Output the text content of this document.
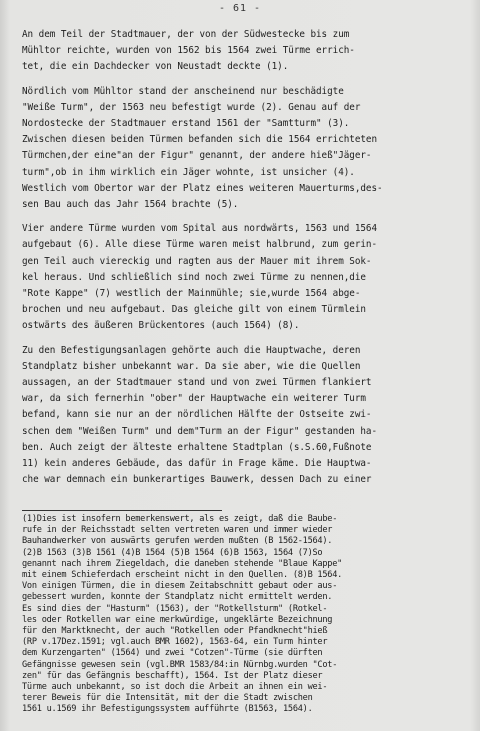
- 61 -
An dem Teil der Stadtmauer, der von der Südwestecke bis zum
Mühltor reichte, wurden von 1562 bis 1564 zwei Türme errich-
tet, die ein Dachdecker von Neustadt deckte (1).
Nördlich vom Mühltor stand der anscheinend nur beschädigte
"Weiße Turm", der 1563 neu befestigt wurde (2). Genau auf der
Nordostecke der Stadtmauer erstand 1561 der "Samtturm" (3).
Zwischen diesen beiden Türmen befanden sich die 1564 errichteten
Türmchen,der eine"an der Figur" genannt, der andere hieß"Jäger-
turm",ob in ihm wirklich ein Jäger wohnte, ist unsicher (4).
Westlich vom Obertor war der Platz eines weiteren Mauerturms,des-
sen Bau auch das Jahr 1564 brachte (5).
Vier andere Türme wurden vom Spital aus nordwärts, 1563 und 1564
aufgebaut (6). Alle diese Türme waren meist halbrund, zum gerin-
gen Teil auch viereckig und ragten aus der Mauer mit ihrem Sok-
kel heraus. Und schließlich sind noch zwei Türme zu nennen,die
"Rote Kappe" (7) westlich der Mainmühle; sie,wurde 1564 abge-
brochen und neu aufgebaut. Das gleiche gilt von einem Türmlein
ostwärts des äußeren Brückentores (auch 1564) (8).
Zu den Befestigungsanlagen gehörte auch die Hauptwache, deren
Standplatz bisher unbekannt war. Da sie aber, wie die Quellen
aussagen, an der Stadtmauer stand und von zwei Türmen flankiert
war, da sich fernerhin "ober" der Hauptwache ein weiterer Turm
befand, kann sie nur an der nördlichen Hälfte der Ostseite zwi-
schen dem "Weißen Turm" und dem"Turm an der Figur" gestanden ha-
ben. Auch zeigt der älteste erhaltene Stadtplan (s.S.60,Fußnote
11) kein anderes Gebäude, das dafür in Frage käme. Die Hauptwa-
che war demnach ein bunkerartiges Bauwerk, dessen Dach zu einer
(1)Dies ist insofern bemerkenswert, als es zeigt, daß die Baube-
rufe in der Reichsstadt selten vertreten waren und immer wieder
Bauhandwerker von auswärts gerufen werden mußten (B 1562-1564).
(2)B 1563 (3)B 1561 (4)B 1564 (5)B 1564 (6)B 1563, 1564 (7)So
genannt nach ihrem Ziegeldach, die daneben stehende "Blaue Kappe"
mit einem Schieferdach erscheint nicht in den Quellen. (8)B 1564.
Von einigen Türmen, die in diesem Zeitabschnitt gebaut oder aus-
gebessert wurden, konnte der Standplatz nicht ermittelt werden.
Es sind dies der "Hasturm" (1563), der "Rotkellsturm" (Rotkel-
les oder Rotkellen war eine merkwürdige, ungeklärte Bezeichnung
für den Marktknecht, der auch "Rotkellen oder Pfandknecht"hieß
(RP v.17Dez.1591; vgl.auch BMR 1602), 1563-64, ein Turm hinter
dem Kurzengarten" (1564) und zwei "Cotzen"-Türme (sie dürften
Gefängnisse gewesen sein (vgl.BMR 1583/84:in Nürnbg.wurden "Cot-
zen" für das Gefängnis beschafft), 1564. Ist der Platz dieser
Türme auch unbekannt, so ist doch die Arbeit an ihnen ein wei-
terer Beweis für die Intensität, mit der die Stadt zwischen
1561 u.1569 ihr Befestigungssystem aufführte (B1563, 1564).
